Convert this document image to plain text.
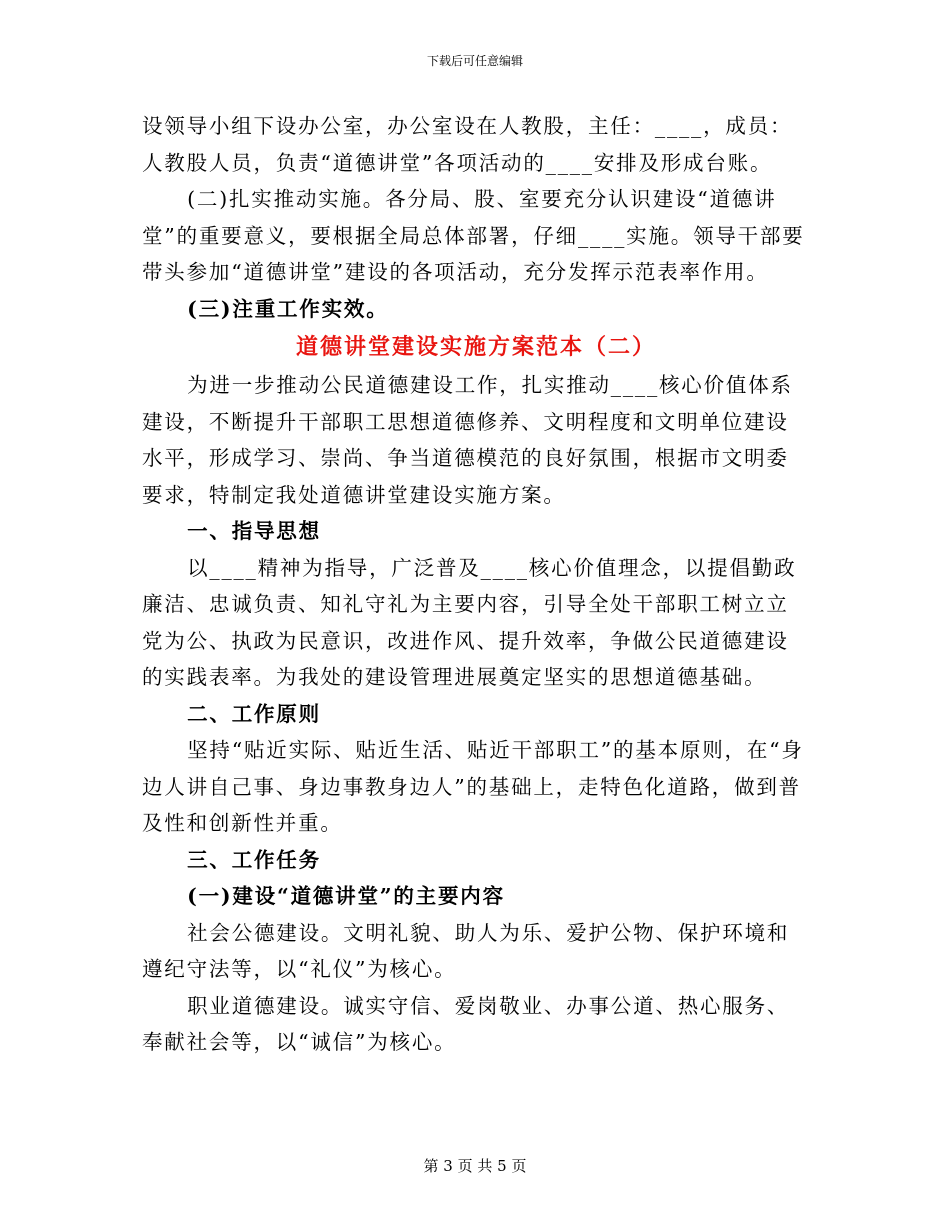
下载后可任意编辑

设领导小组下设办公室，办公室设在人教股，主任：____，成员：人教股人员，负责“道德讲堂”各项活动的____安排及形成台账。

(二)扎实推动实施。各分局、股、室要充分认识建设“道德讲堂”的重要意义，要根据全局总体部署，仔细____实施。领导干部要带头参加“道德讲堂”建设的各项活动，充分发挥示范表率作用。

(三)注重工作实效。

道德讲堂建设实施方案范本（二）

为进一步推动公民道德建设工作，扎实推动____核心价值体系建设，不断提升干部职工思想道德修养、文明程度和文明单位建设水平，形成学习、崇尚、争当道德模范的良好氛围，根据市文明委要求，特制定我处道德讲堂建设实施方案。

一、指导思想

以____精神为指导，广泛普及____核心价值理念，以提倡勤政廉洁、忠诚负责、知礼守礼为主要内容，引导全处干部职工树立立党为公、执政为民意识，改进作风、提升效率，争做公民道德建设的实践表率。为我处的建设管理进展奠定坚实的思想道德基础。

二、工作原则

坚持“贴近实际、贴近生活、贴近干部职工”的基本原则，在“身边人讲自己事、身边事教身边人”的基础上，走特色化道路，做到普及性和创新性并重。

三、工作任务

(一)建设“道德讲堂”的主要内容

社会公德建设。文明礼貌、助人为乐、爱护公物、保护环境和遵纪守法等，以“礼仪”为核心。

职业道德建设。诚实守信、爱岗敬业、办事公道、热心服务、奉献社会等，以“诚信”为核心。

第 3 页 共 5 页
